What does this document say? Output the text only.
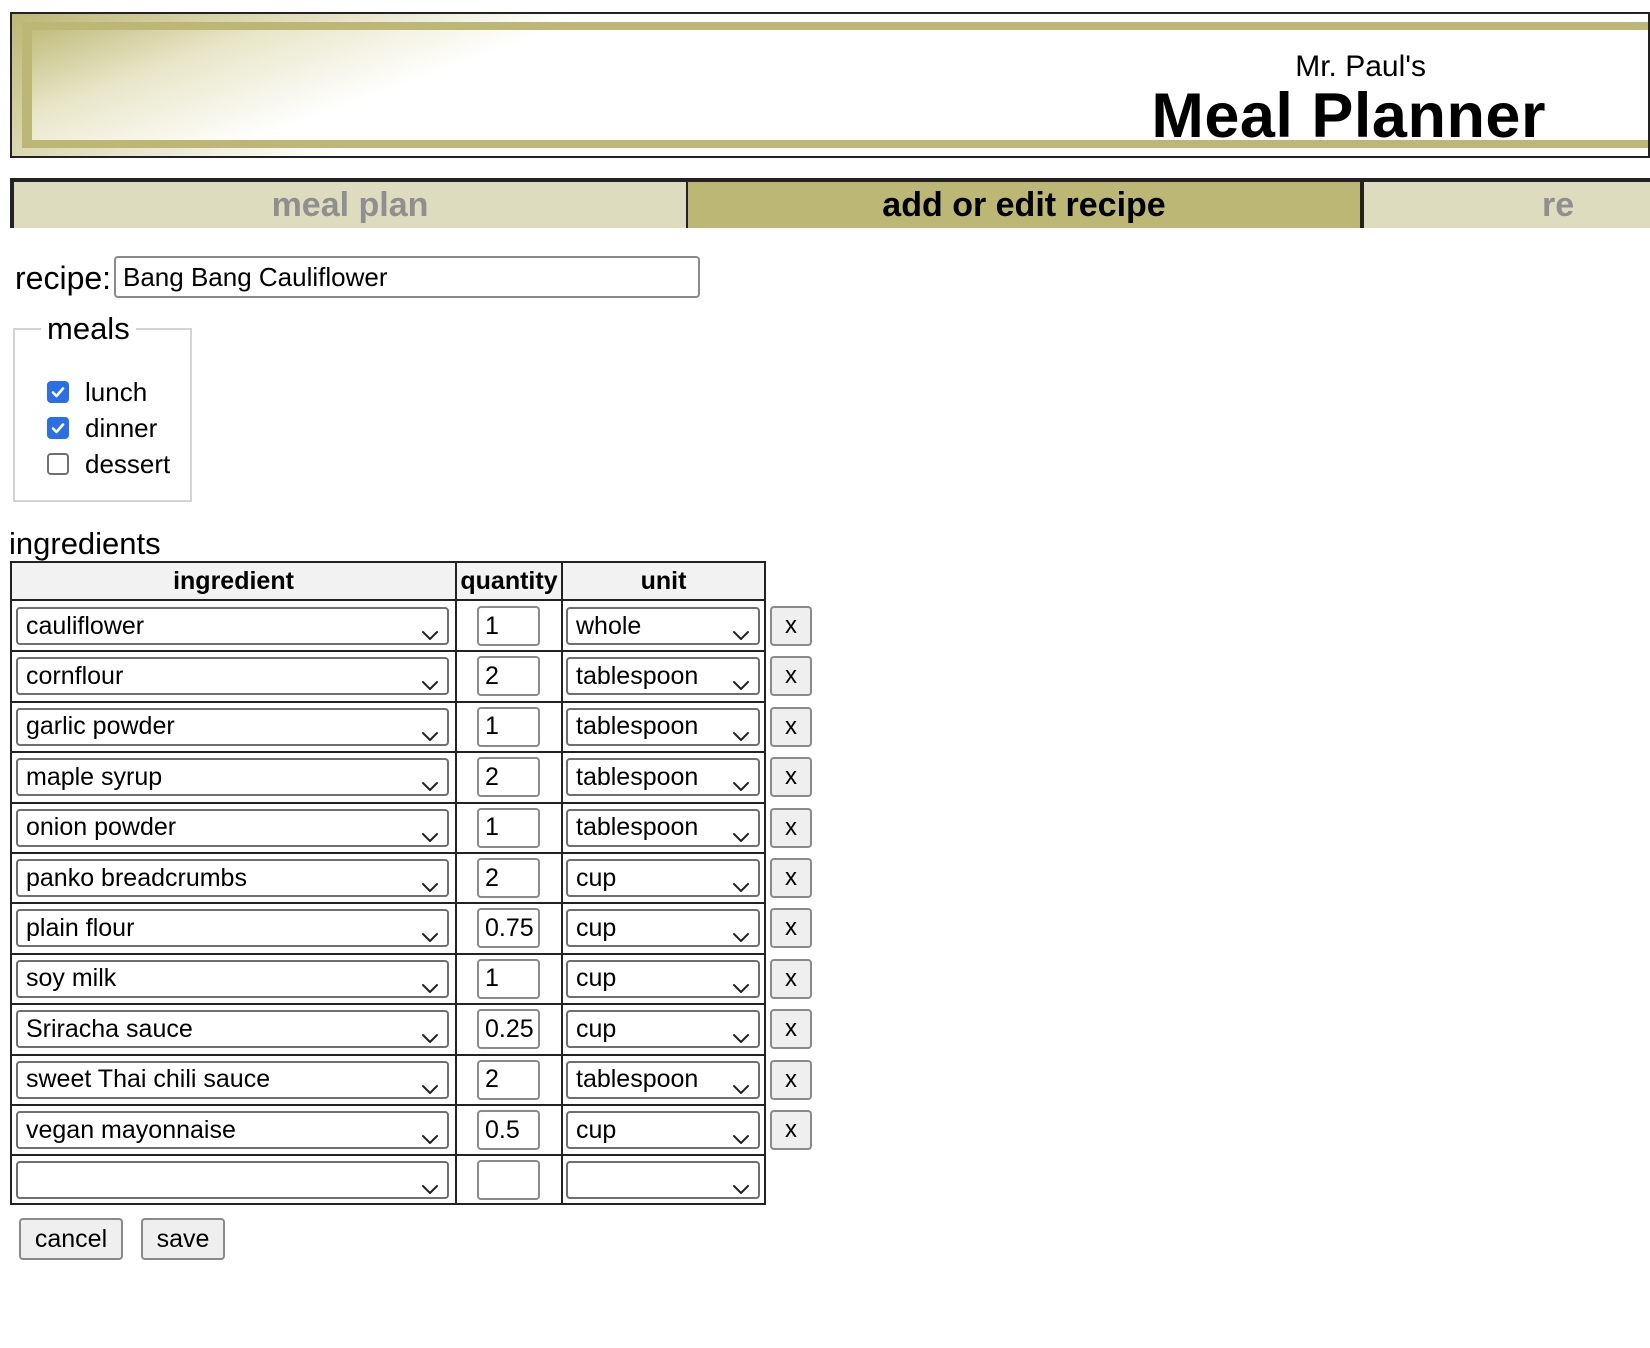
Mr. Paul's
Meal Planner
meal plan	add or edit recipe	re
recipe:
Bang Bang Cauliflower
meals
lunch
dinner
dessert
ingredients
ingredient	quantity	unit
cauliflower	1	whole
cornflour	2	tablespoon
garlic powder	1	tablespoon
maple syrup	2	tablespoon
onion powder	1	tablespoon
panko breadcrumbs	2	cup
plain flour	0.75 cup
soy milk	1	cup
Sriracha sauce	0.25 cup
sweet Thai chili sauce	2	tablespoon
vegan mayonnaise	0.5	cup
x
x
x
x
x
x
x
x
x
x
x
cancel	save
